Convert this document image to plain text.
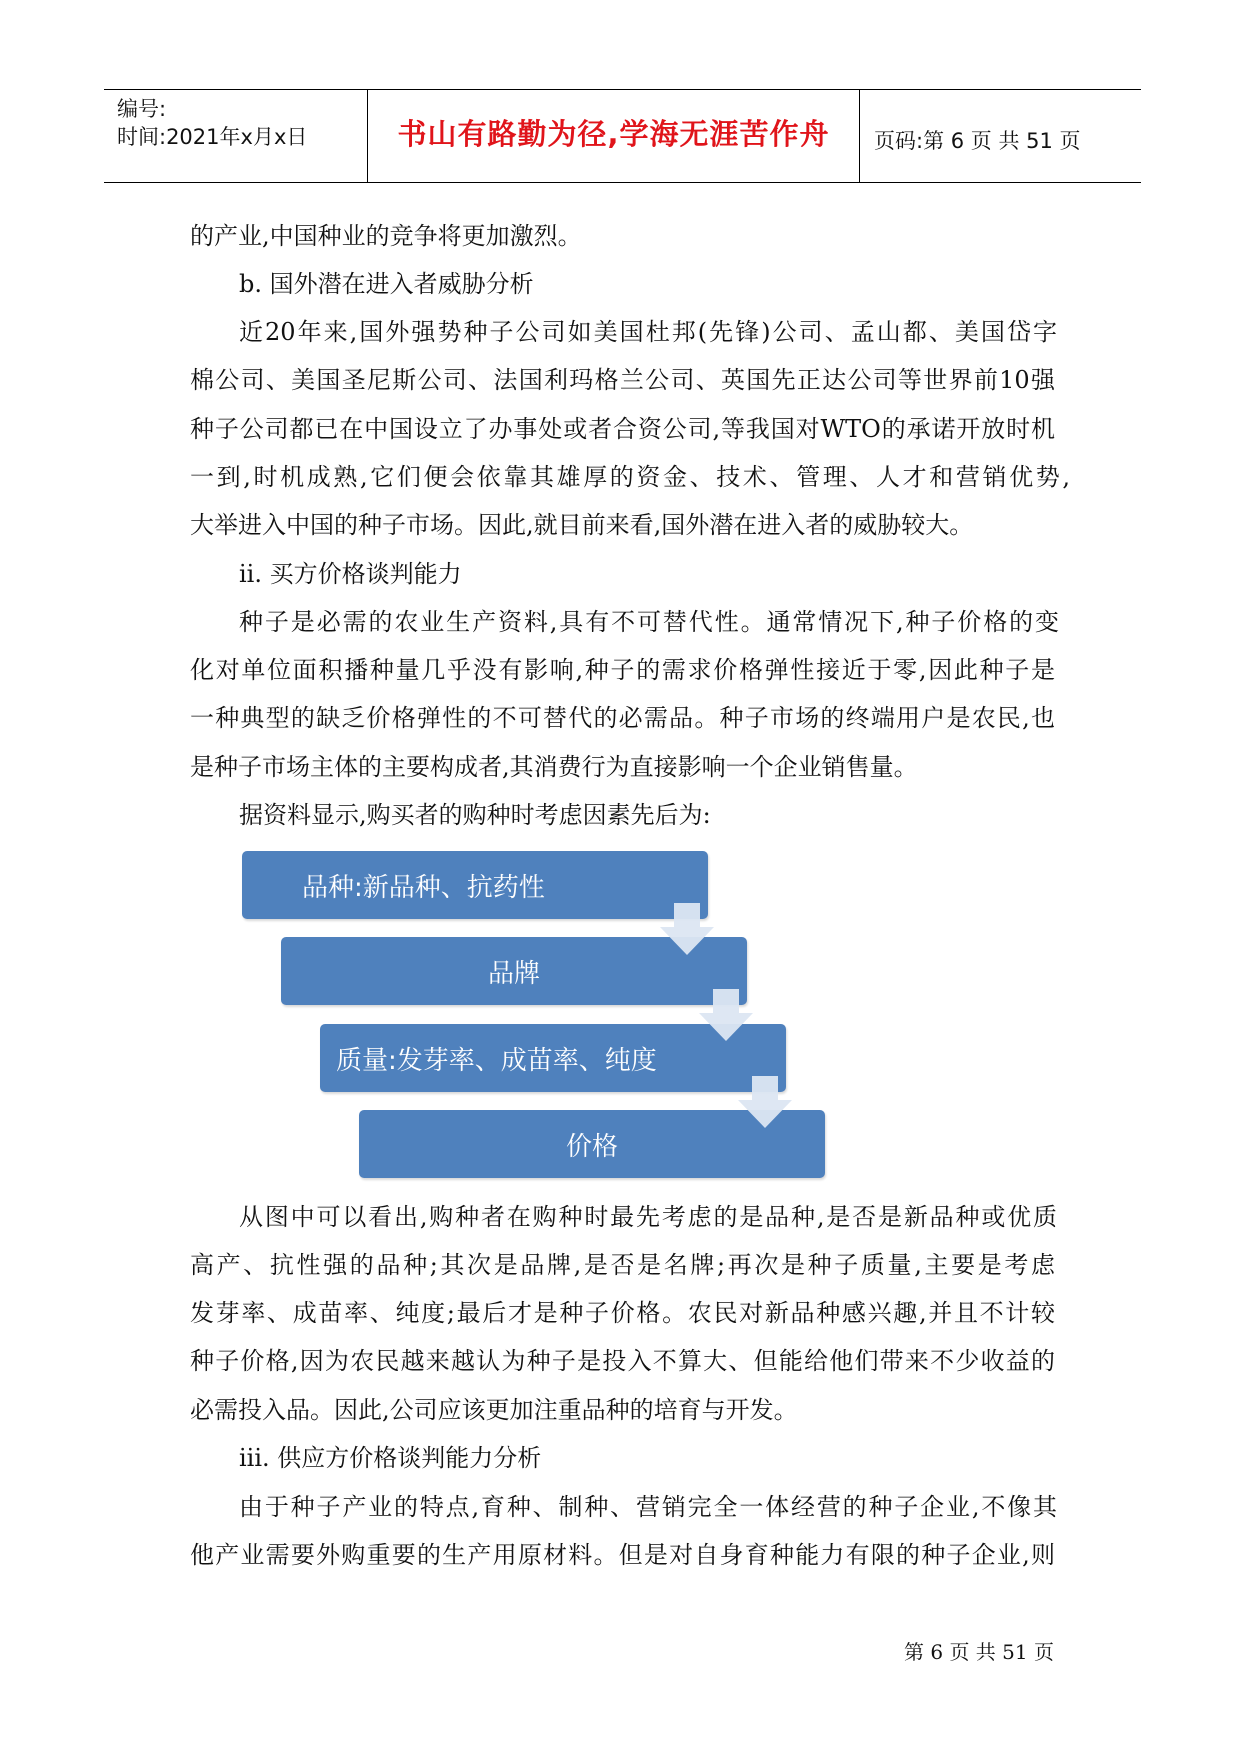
编号:
时间:2021年x月x日	书山有路勤为径,学海无涯苦作舟	页码:第 6 页 共 51 页
的产业,中国种业的竞争将更加激烈。
b. 国外潜在进入者威胁分析
近20年来,国外强势种子公司如美国杜邦(先锋)公司、孟山都、美国岱字
棉公司、美国圣尼斯公司、法国利玛格兰公司、英国先正达公司等世界前10强
种子公司都已在中国设立了办事处或者合资公司,等我国对WTO的承诺开放时机
一到,时机成熟,它们便会依靠其雄厚的资金、技术、管理、人才和营销优势,
大举进入中国的种子市场。因此,就目前来看,国外潜在进入者的威胁较大。
ii. 买方价格谈判能力
种子是必需的农业生产资料,具有不可替代性。通常情况下,种子价格的变
化对单位面积播种量几乎没有影响,种子的需求价格弹性接近于零,因此种子是
一种典型的缺乏价格弹性的不可替代的必需品。种子市场的终端用户是农民,也
是种子市场主体的主要构成者,其消费行为直接影响一个企业销售量。
据资料显示,购买者的购种时考虑因素先后为:
品种:新品种、抗药性
品牌
质量:发芽率、成苗率、纯度
价格
从图中可以看出,购种者在购种时最先考虑的是品种,是否是新品种或优质
高产、抗性强的品种;其次是品牌,是否是名牌;再次是种子质量,主要是考虑
发芽率、成苗率、纯度;最后才是种子价格。农民对新品种感兴趣,并且不计较
种子价格,因为农民越来越认为种子是投入不算大、但能给他们带来不少收益的
必需投入品。因此,公司应该更加注重品种的培育与开发。
iii. 供应方价格谈判能力分析
由于种子产业的特点,育种、制种、营销完全一体经营的种子企业,不像其
他产业需要外购重要的生产用原材料。但是对自身育种能力有限的种子企业,则
第 6 页 共 51 页
